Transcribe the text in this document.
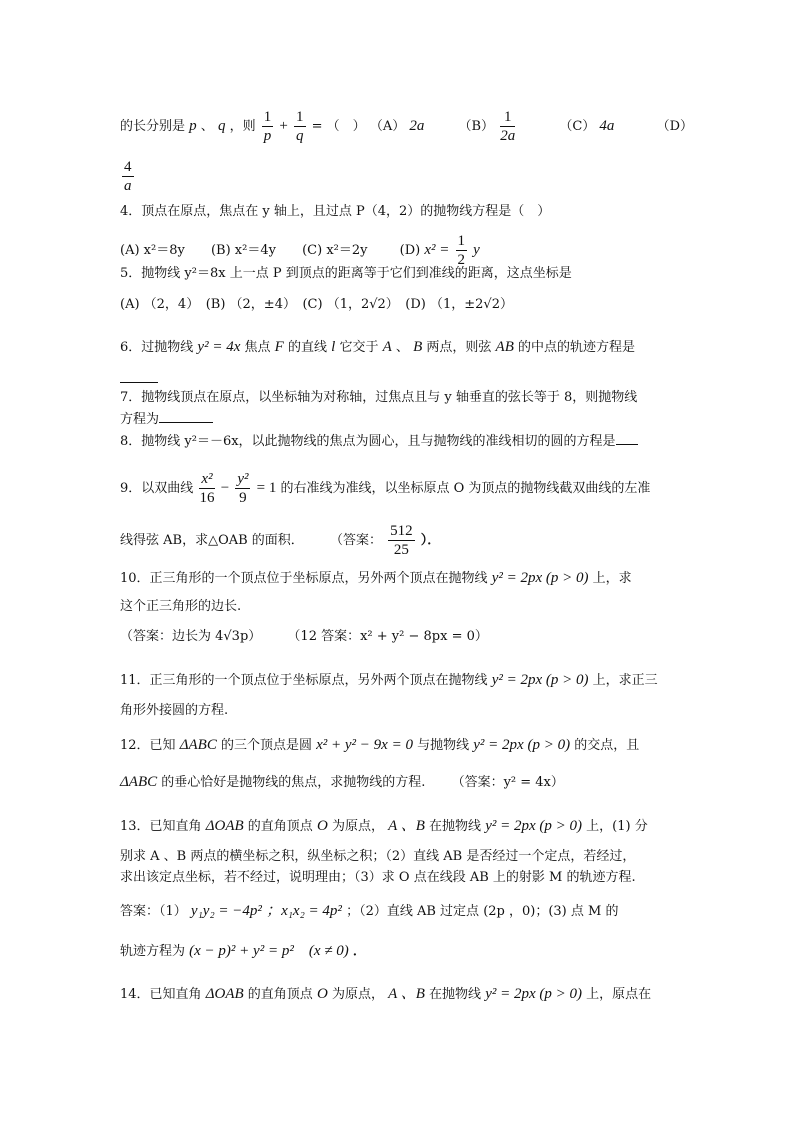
的长分别是 p 、 q ，则 $\frac{1}{p} + \frac{1}{q}$ = （　） （A） 2a	$(B) \frac{1}{2a}$	（C） 4a	（D）
$\frac{4}{a}$
4．顶点在原点，焦点在 y 轴上，且过点 P（4，2）的抛物线方程是（　）
(A) x²＝8y (B) x²＝4y (C) x²＝2y (D) $x^2 = \frac{1}{2}$ y
5．抛物线 y²＝8x 上一点 P 到顶点的距离等于它们到准线的距离，这点坐标是
(A) （2，4）　(B) （2，±4）　(C) （1，2√2）　(D) （1，±2√2）
6．过抛物线 y² = 4x 焦点 F 的直线 l 它交于 A 、 B 两点，则弦 AB 的中点的轨迹方程是
7．抛物线顶点在原点，以坐标轴为对称轴，过焦点且与 y 轴垂直的弦长等于 8，则抛物线
方程为
8．抛物线 y²＝－6x，以此抛物线的焦点为圆心，且与抛物线的准线相切的圆的方程是
9．以双曲线 $\frac{\text{x²}}{16} - \frac{\text{y²}}{9} = 1$ 的右准线为准线，以坐标原点 O 为顶点的抛物线截双曲线的左准
线得弦 AB，求△OAB 的面积． （答案： $\frac{512}{25}$ ）．
10．正三角形的一个顶点位于坐标原点，另外两个顶点在抛物线 y² = 2px (p > 0) 上，求
这个正三角形的边长.
（答案：边长为 4√3p） （12 答案：x² + y² − 8px = 0）
11．正三角形的一个顶点位于坐标原点，另外两个顶点在抛物线 y² = 2px (p > 0) 上，求正三
角形外接圆的方程.
12．已知 ΔABC 的三个顶点是圆 x² + y² − 9x = 0 与抛物线 y² = 2px (p > 0) 的交点，且
ΔABC 的垂心恰好是抛物线的焦点，求抛物线的方程. （答案：y² = 4x）
13．已知直角 ΔOAB 的直角顶点 O 为原点， A 、B 在抛物线 y² = 2px (p > 0) 上，(1) 分
别求 A 、B 两点的横坐标之积，纵坐标之积；（2）直线 AB 是否经过一个定点，若经过，
求出该定点坐标，若不经过，说明理由；（3）求 O 点在线段 AB 上的射影 M 的轨迹方程.
答案：（1） y₁y₂ = −4p² ；x₁x₂ = 4p² ；（2）直线 AB 过定点 (2p ，0)；(3) 点 M 的
轨迹方程为 (x − p)² + y² = p²　(x ≠ 0) ．
14．已知直角 ΔOAB 的直角顶点 O 为原点， A 、B 在抛物线 y² = 2px (p > 0) 上，原点在
